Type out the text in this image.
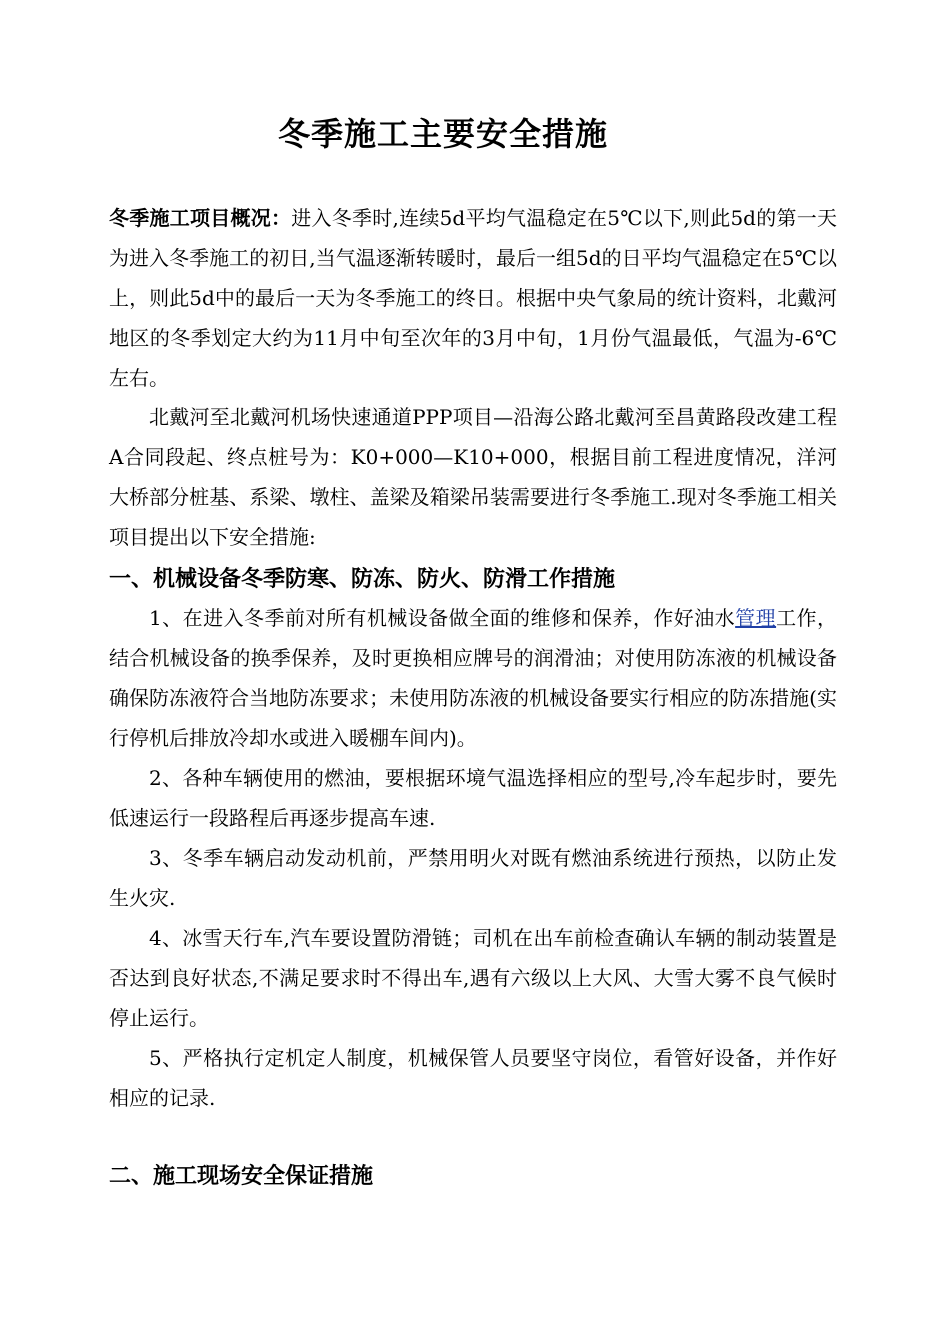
冬季施工主要安全措施

冬季施工项目概况：进入冬季时,连续5d平均气温稳定在5℃以下,则此5d的第一天为进入冬季施工的初日,当气温逐渐转暖时，最后一组5d的日平均气温稳定在5℃以上，则此5d中的最后一天为冬季施工的终日。根据中央气象局的统计资料，北戴河地区的冬季划定大约为11月中旬至次年的3月中旬，1月份气温最低，气温为-6℃左右。

北戴河至北戴河机场快速通道PPP项目—沿海公路北戴河至昌黄路段改建工程A合同段起、终点桩号为：K0+000—K10+000，根据目前工程进度情况，洋河大桥部分桩基、系梁、墩柱、盖梁及箱梁吊装需要进行冬季施工.现对冬季施工相关项目提出以下安全措施:

一、机械设备冬季防寒、防冻、防火、防滑工作措施

1、在进入冬季前对所有机械设备做全面的维修和保养，作好油水管理工作，结合机械设备的换季保养，及时更换相应牌号的润滑油；对使用防冻液的机械设备确保防冻液符合当地防冻要求；未使用防冻液的机械设备要实行相应的防冻措施(实行停机后排放冷却水或进入暖棚车间内)。

2、各种车辆使用的燃油，要根据环境气温选择相应的型号,冷车起步时，要先低速运行一段路程后再逐步提高车速.

3、冬季车辆启动发动机前，严禁用明火对既有燃油系统进行预热，以防止发生火灾.

4、冰雪天行车,汽车要设置防滑链；司机在出车前检查确认车辆的制动装置是否达到良好状态,不满足要求时不得出车,遇有六级以上大风、大雪大雾不良气候时停止运行。

5、严格执行定机定人制度，机械保管人员要坚守岗位，看管好设备，并作好相应的记录.

二、施工现场安全保证措施
